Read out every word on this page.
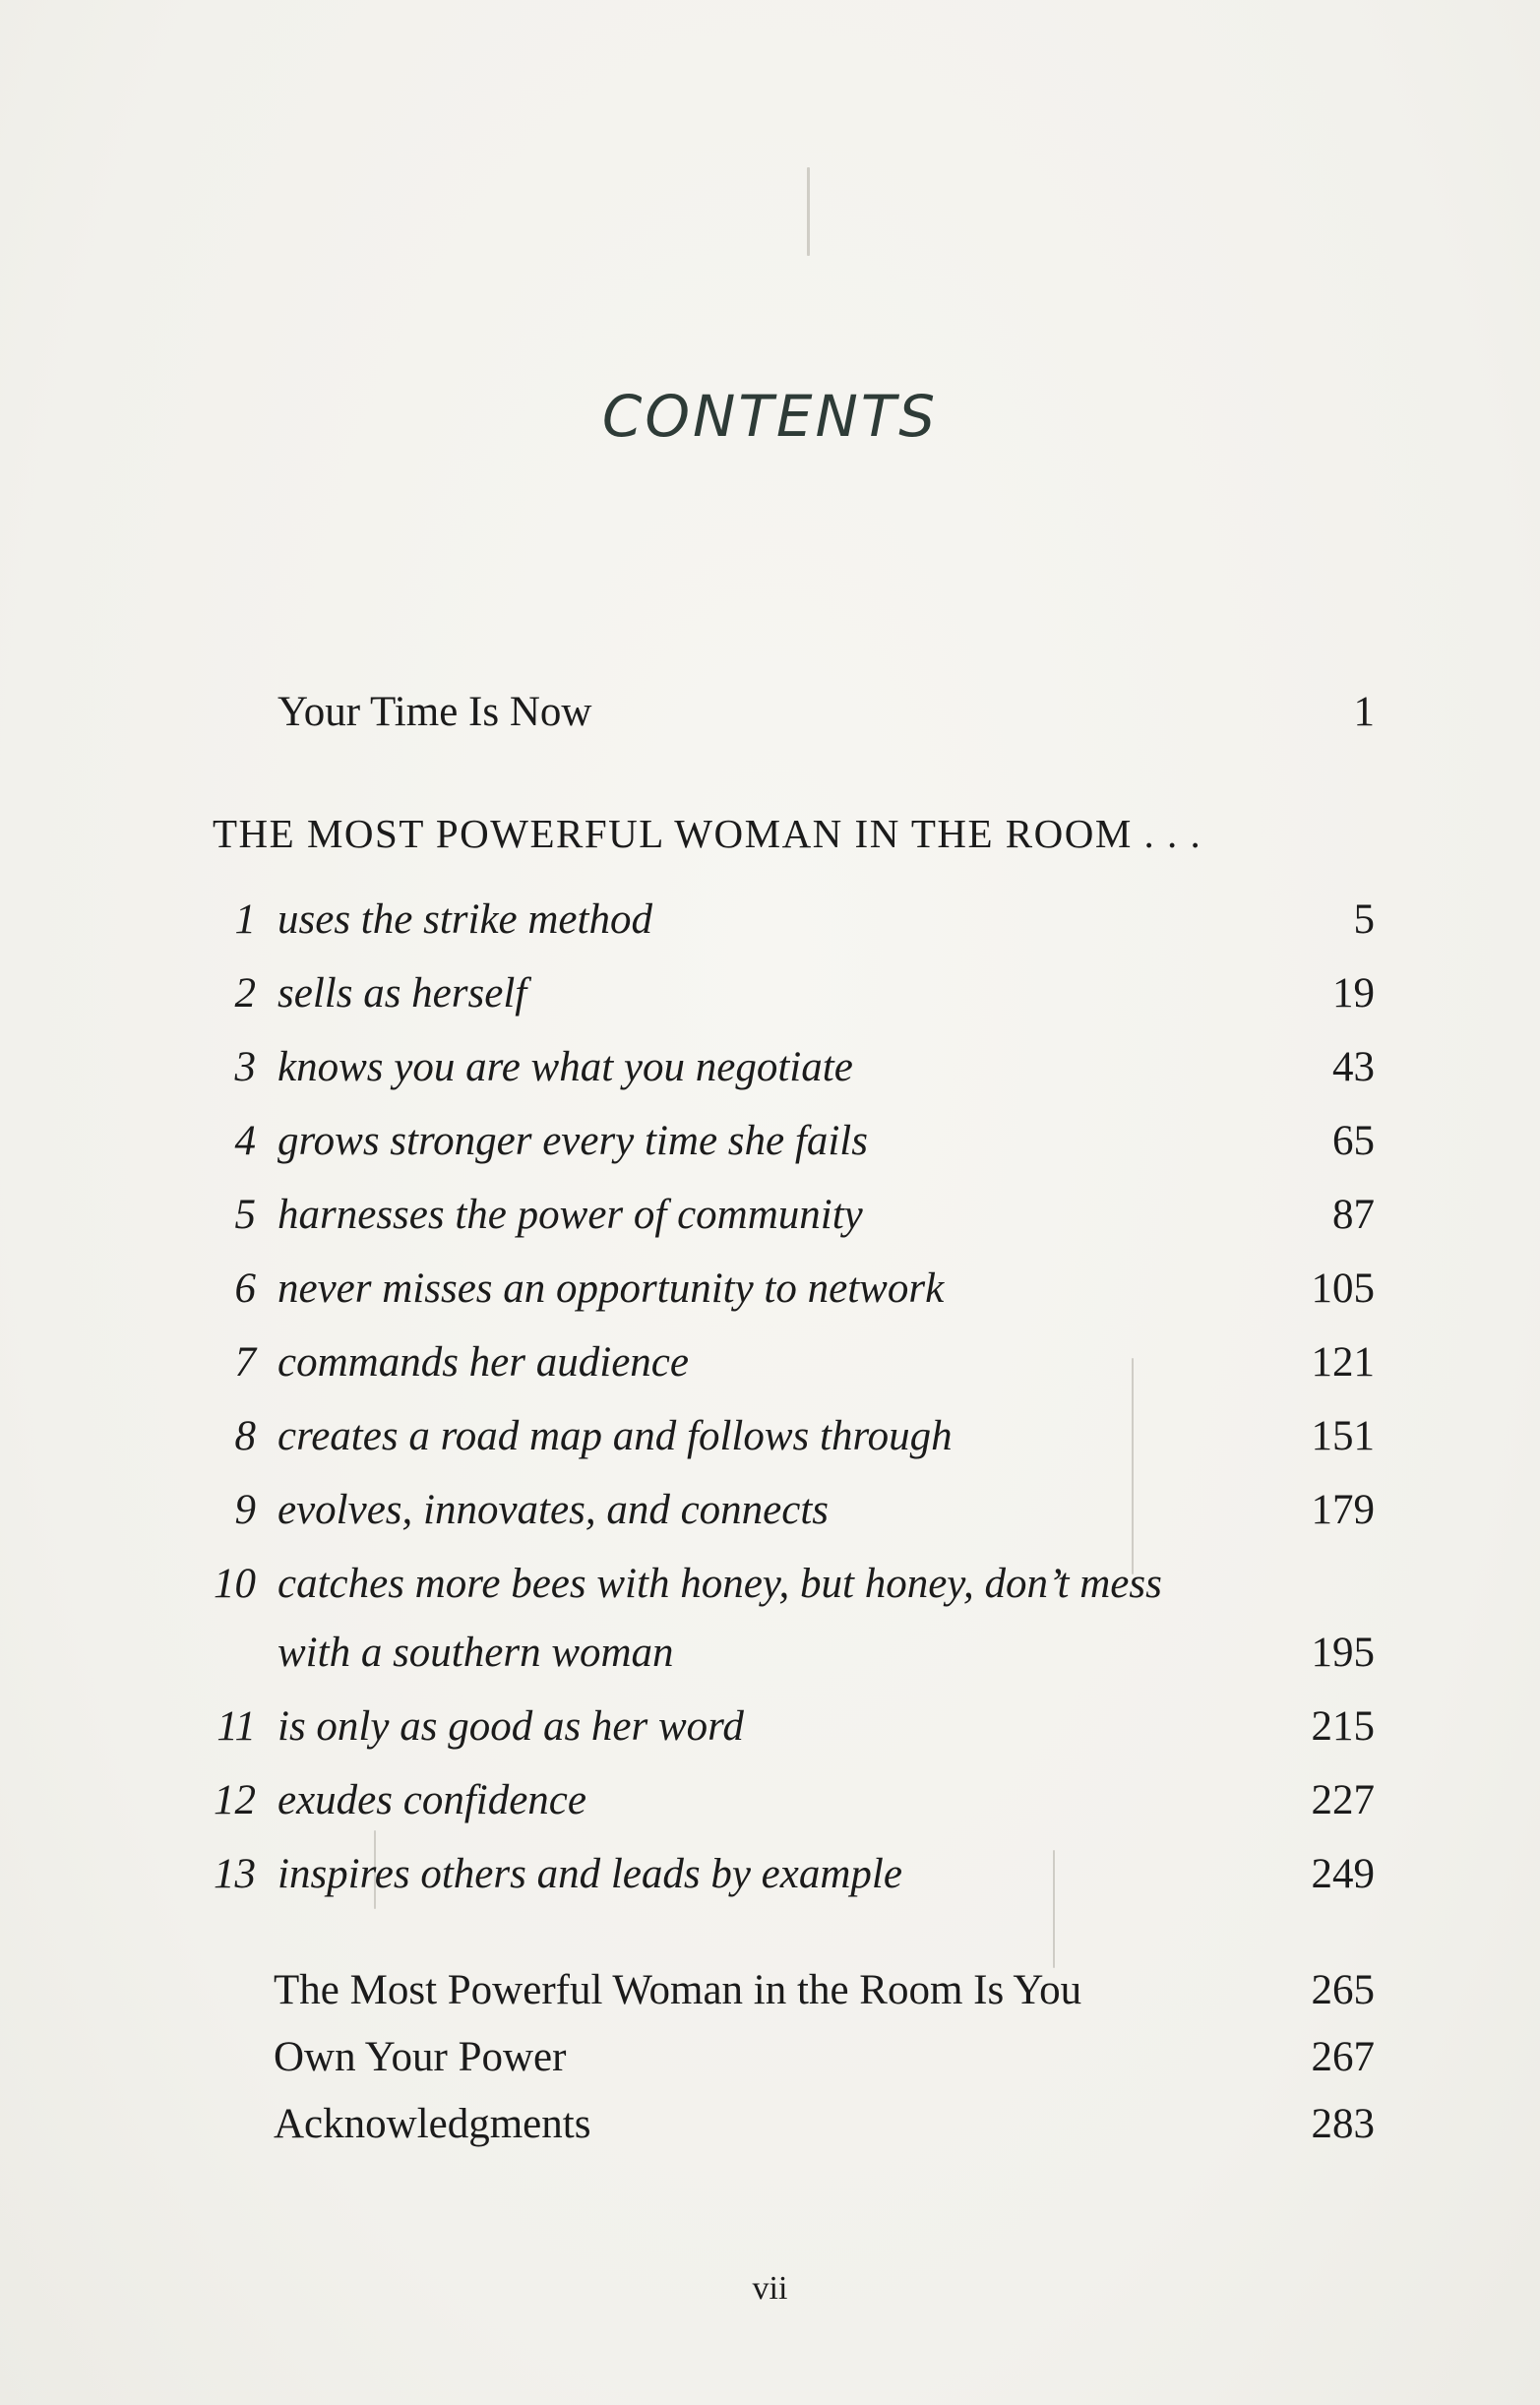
CONTENTS
Your Time Is Now	1
THE MOST POWERFUL WOMAN IN THE ROOM . . .
1 uses the strike method	5
2 sells as herself	19
3 knows you are what you negotiate	43
4 grows stronger every time she fails	65
5 harnesses the power of community	87
6 never misses an opportunity to network	105
7 commands her audience	121
8 creates a road map and follows through	151
9 evolves, innovates, and connects	179
10 catches more bees with honey, but honey, don’t mess
with a southern woman	195
11 is only as good as her word	215
12 exudes confidence	227
13 inspires others and leads by example	249
The Most Powerful Woman in the Room Is You	265
Own Your Power	267
Acknowledgments	283
vii
